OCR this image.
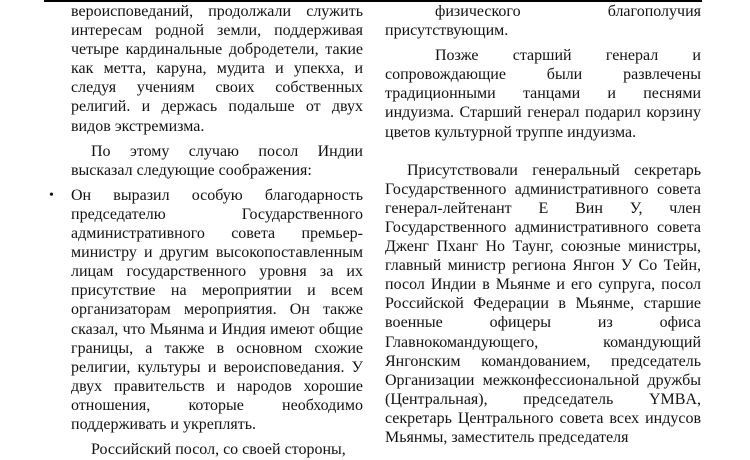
вероисповеданий, продолжали служить интересам родной земли, поддерживая четыре кардинальные добродетели, такие как метта, каруна, мудита и упекха, и следуя учениям своих собственных религий. и держась подальше от двух видов экстремизма.

По этому случаю посол Индии высказал следующие соображения:

• Он выразил особую благодарность председателю Государственного административного совета премьер-министру и другим высокопоставленным лицам государственного уровня за их присутствие на мероприятии и всем организаторам мероприятия. Он также сказал, что Мьянма и Индия имеют общие границы, а также в основном схожие религии, культуры и вероисповедания. У двух правительств и народов хорошие отношения, которые необходимо поддерживать и укреплять.

Российский посол, со своей стороны,

физического благополучия присутствующим.

Позже старший генерал и сопровождающие были развлечены традиционными танцами и песнями индуизма. Старший генерал подарил корзину цветов культурной труппе индуизма.

Присутствовали генеральный секретарь Государственного административного совета генерал-лейтенант Е Вин У, член Государственного административного совета Дженг Пханг Но Таунг, союзные министры, главный министр региона Янгон У Со Тейн, посол Индии в Мьянме и его супруга, посол Российской Федерации в Мьянме, старшие военные офицеры из офиса Главнокомандующего, командующий Янгонским командованием, председатель Организации межконфессиональной дружбы (Центральная), председатель YMBA, секретарь Центрального совета всех индусов Мьянмы, заместитель председателя
